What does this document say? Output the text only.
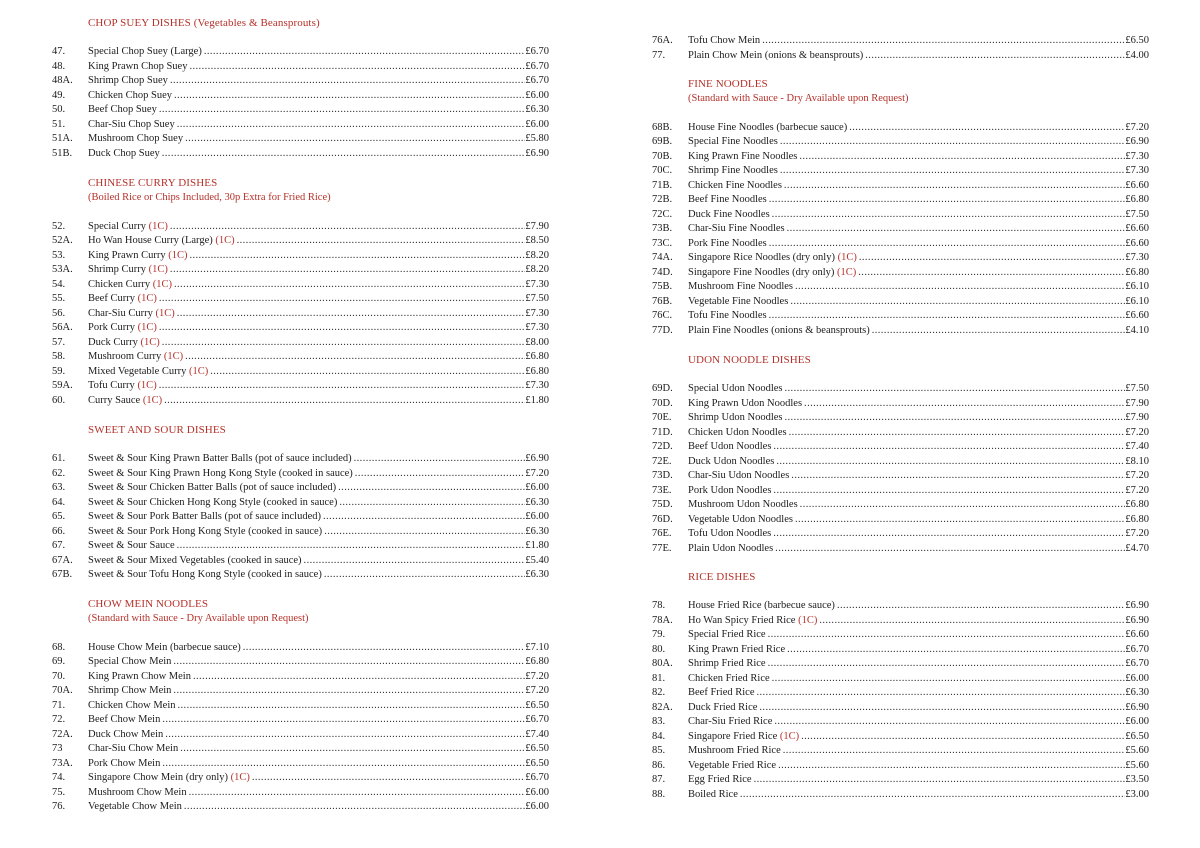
CHOP SUEY DISHES (Vegetables & Beansprouts)
47. Special Chop Suey (Large) .....	£6.70
48. King Prawn Chop Suey .....	£6.70
48A. Shrimp Chop Suey .....	£6.70
49. Chicken Chop Suey .....	£6.00
50. Beef Chop Suey .....	£6.30
51. Char-Siu Chop Suey .....	£6.00
51A. Mushroom Chop Suey .....	£5.80
51B. Duck Chop Suey .....	£6.90
CHINESE CURRY DISHES
(Boiled Rice or Chips Included, 30p Extra for Fried Rice)
52. Special Curry (1C) .....	£7.90
52A. Ho Wan House Curry (Large) (1C) .....	£8.50
53. King Prawn Curry (1C) .....	£8.20
53A. Shrimp Curry (1C) .....	£8.20
54. Chicken Curry (1C) .....	£7.30
55. Beef Curry (1C) .....	£7.50
56. Char-Siu Curry (1C) .....	£7.30
56A. Pork Curry (1C) .....	£7.30
57. Duck Curry (1C) .....	£8.00
58. Mushroom Curry (1C) .....	£6.80
59. Mixed Vegetable Curry (1C) .....	£6.80
59A. Tofu Curry (1C) .....	£7.30
60. Curry Sauce (1C) .....	£1.80
SWEET AND SOUR DISHES
61. Sweet & Sour King Prawn Batter Balls (pot of sauce included) .....	£6.90
62. Sweet & Sour King Prawn Hong Kong Style (cooked in sauce) .....	£7.20
63. Sweet & Sour Chicken Batter Balls (pot of sauce included) .....	£6.00
64. Sweet & Sour Chicken Hong Kong Style (cooked in sauce) .....	£6.30
65. Sweet & Sour Pork Batter Balls (pot of sauce included) .....	£6.00
66. Sweet & Sour Pork Hong Kong Style (cooked in sauce) .....	£6.30
67. Sweet & Sour Sauce .....	£1.80
67A. Sweet & Sour Mixed Vegetables (cooked in sauce) .....	£5.40
67B. Sweet & Sour Tofu Hong Kong Style (cooked in sauce) .....	£6.30
CHOW MEIN NOODLES
(Standard with Sauce - Dry Available upon Request)
68. House Chow Mein (barbecue sauce) .....	£7.10
69. Special Chow Mein .....	£6.80
70. King Prawn Chow Mein .....	£7.20
70A. Shrimp Chow Mein .....	£7.20
71. Chicken Chow Mein .....	£6.50
72. Beef Chow Mein .....	£6.70
72A. Duck Chow Mein .....	£7.40
73 Char-Siu Chow Mein .....	£6.50
73A. Pork Chow Mein .....	£6.50
74. Singapore Chow Mein (dry only) (1C) .....	£6.70
75. Mushroom Chow Mein .....	£6.00
76. Vegetable Chow Mein .....	£6.00
76A. Tofu Chow Mein .....	£6.50
77. Plain Chow Mein (onions & beansprouts) .....	£4.00
FINE NOODLES
(Standard with Sauce - Dry Available upon Request)
68B. House Fine Noodles (barbecue sauce) .....	£7.20
69B. Special Fine Noodles .....	£6.90
70B. King Prawn Fine Noodles .....	£7.30
70C. Shrimp Fine Noodles .....	£7.30
71B. Chicken Fine Noodles .....	£6.60
72B. Beef Fine Noodles .....	£6.80
72C. Duck Fine Noodles .....	£7.50
73B. Char-Siu Fine Noodles .....	£6.60
73C. Pork Fine Noodles .....	£6.60
74A. Singapore Rice Noodles (dry only) (1C) .....	£7.30
74D. Singapore Fine Noodles (dry only) (1C) .....	£6.80
75B. Mushroom Fine Noodles .....	£6.10
76B. Vegetable Fine Noodles .....	£6.10
76C. Tofu Fine Noodles .....	£6.60
77D. Plain Fine Noodles (onions & beansprouts) .....	£4.10
UDON NOODLE DISHES
69D. Special Udon Noodles .....	£7.50
70D. King Prawn Udon Noodles .....	£7.90
70E. Shrimp Udon Noodles .....	£7.90
71D. Chicken Udon Noodles .....	£7.20
72D. Beef Udon Noodles .....	£7.40
72E. Duck Udon Noodles .....	£8.10
73D. Char-Siu Udon Noodles .....	£7.20
73E. Pork Udon Noodles .....	£7.20
75D. Mushroom Udon Noodles .....	£6.80
76D. Vegetable Udon Noodles .....	£6.80
76E. Tofu Udon Noodles .....	£7.20
77E. Plain Udon Noodles .....	£4.70
RICE DISHES
78. House Fried Rice (barbecue sauce) .....	£6.90
78A. Ho Wan Spicy Fried Rice (1C) .....	£6.90
79. Special Fried Rice .....	£6.60
80. King Prawn Fried Rice .....	£6.70
80A. Shrimp Fried Rice .....	£6.70
81. Chicken Fried Rice .....	£6.00
82. Beef Fried Rice .....	£6.30
82A. Duck Fried Rice .....	£6.90
83. Char-Siu Fried Rice .....	£6.00
84. Singapore Fried Rice (1C) .....	£6.50
85. Mushroom Fried Rice .....	£5.60
86. Vegetable Fried Rice .....	£5.60
87. Egg Fried Rice .....	£3.50
88. Boiled Rice .....	£3.00
